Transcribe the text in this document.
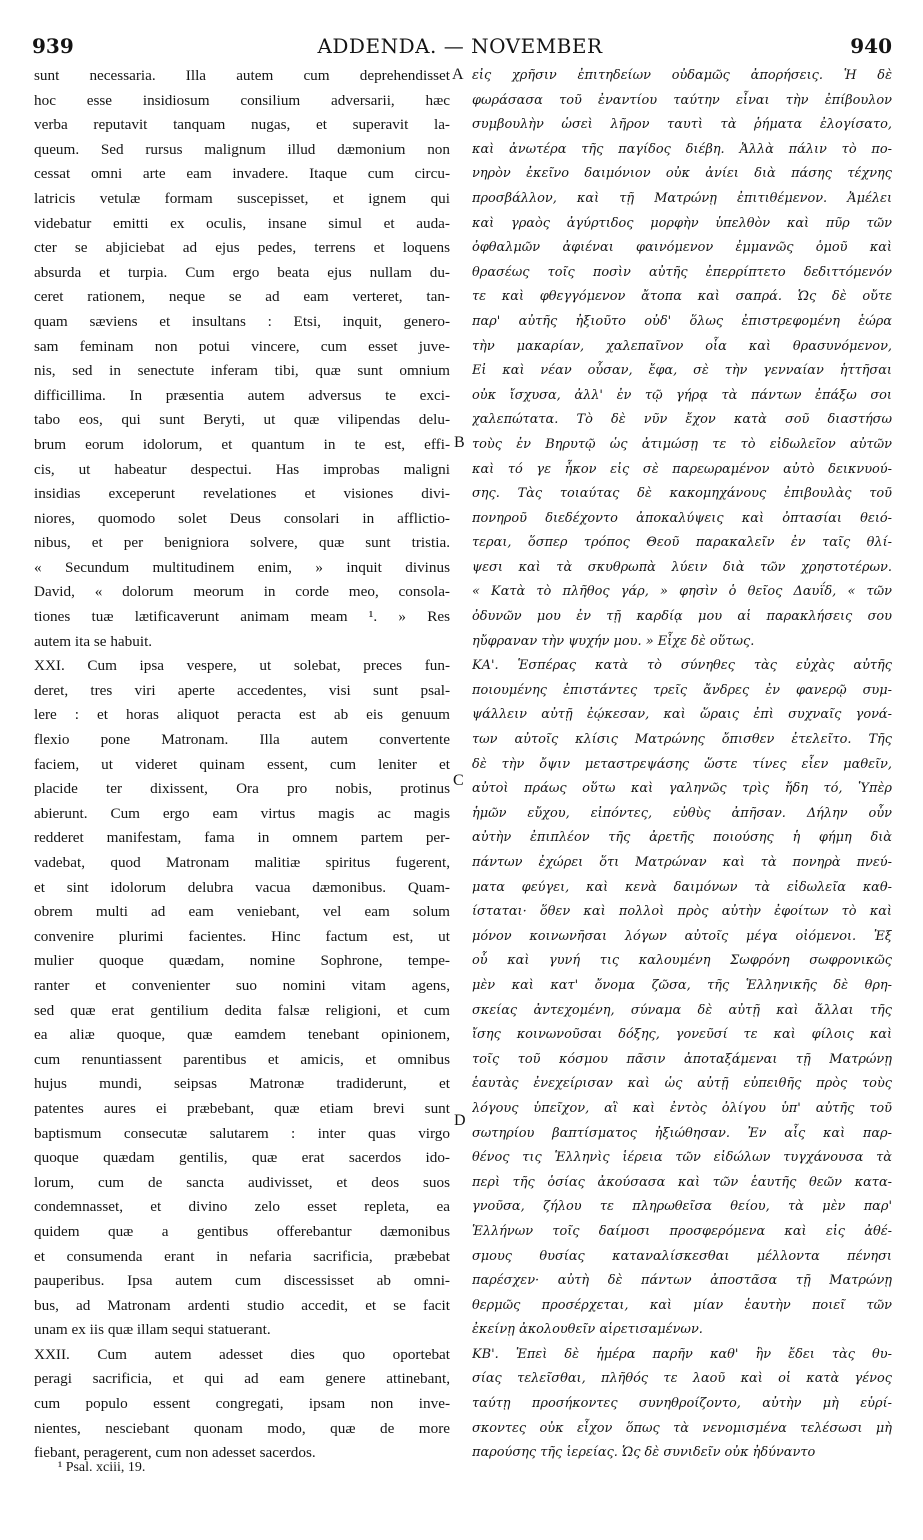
939	ADDENDA. — NOVEMBER	940
sunt necessaria. Illa autem cum deprehendisset
hoc esse insidiosum consilium adversarii, hæc
verba reputavit tanquam nugas, et superavit la-
queum. Sed rursus malignum illud dæmonium non
cessat omni arte eam invadere. Itaque cum circu-
latricis vetulæ formam suscepisset, et ignem qui
videbatur emitti ex oculis, insane simul et auda-
cter se abjiciebat ad ejus pedes, terrens et loquens
absurda et turpia. Cum ergo beata ejus nullam du-
ceret rationem, neque se ad eam verteret, tan-
quam sæviens et insultans : Etsi, inquit, genero-
sam feminam non potui vincere, cum esset juve-
nis, sed in senectute inferam tibi, quæ sunt omnium
difficillima. In præsentia autem adversus te exci-
tabo eos, qui sunt Beryti, ut quæ vilipendas delu-
brum eorum idolorum, et quantum in te est, effi-
cis, ut habeatur despectui. Has improbas maligni
insidias exceperunt revelationes et visiones divi-
niores, quomodo solet Deus consolari in afflictio-
nibus, et per benigniora solvere, quæ sunt tristia.
« Secundum multitudinem enim, » inquit divinus
David, « dolorum meorum in corde meo, consola-
tiones tuæ lætificaverunt animam meam ¹. » Res
autem ita se habuit.
XXI. Cum ipsa vespere, ut solebat, preces fun-
deret, tres viri aperte accedentes, visi sunt psal-
lere : et horas aliquot peracta est ab eis genuum
flexio pone Matronam. Illa autem convertente
faciem, ut videret quinam essent, cum leniter et
placide ter dixissent, Ora pro nobis, protinus
abierunt. Cum ergo eam virtus magis ac magis
redderet manifestam, fama in omnem partem per-
vadebat, quod Matronam malitiæ spiritus fugerent,
et sint idolorum delubra vacua dæmonibus. Quam-
obrem multi ad eam veniebant, vel eam solum
convenire plurimi facientes. Hinc factum est, ut
mulier quoque quædam, nomine Sophrone, tempe-
ranter et convenienter suo nomini vitam agens,
sed quæ erat gentilium dedita falsæ religioni, et cum
ea aliæ quoque, quæ eamdem tenebant opinionem,
cum renuntiassent parentibus et amicis, et omnibus
hujus mundi, seipsas Matronæ tradiderunt, et
patentes aures ei præbebant, quæ etiam brevi sunt
baptismum consecutæ salutarem : inter quas virgo
quoque quædam gentilis, quæ erat sacerdos ido-
lorum, cum de sancta audivisset, et deos suos
condemnasset, et divino zelo esset repleta, ea
quidem quæ a gentibus offerebantur dæmonibus
et consumenda erant in nefaria sacrificia, præbebat
pauperibus. Ipsa autem cum discessisset ab omni-
bus, ad Matronam ardenti studio accedit, et se facit
unam ex iis quæ illam sequi statuerant.
XXII. Cum autem adesset dies quo oportebat
peragi sacrificia, et qui ad eam genere attinebant,
cum populo essent congregati, ipsam non inve-
nientes, nesciebant quonam modo, quæ de more
fiebant, peragerent, cum non adesset sacerdos.
εἰς χρῆσιν ἐπιτηδείων οὐδαμῶς ἀπορήσεις. Ἡ δὲ
φωράσασα τοῦ ἐναντίου ταύτην εἶναι τὴν ἐπίβουλον
συμβουλὴν ὡσεὶ λῆρον ταυτὶ τὰ ῥήματα ἐλογίσατο,
καὶ ἀνωτέρα τῆς παγίδος διέβη. Ἀλλὰ πάλιν τὸ πο-
νηρὸν ἐκεῖνο δαιμόνιον οὐκ ἀνίει διὰ πάσης τέχνης
προσβάλλον, καὶ τῇ Ματρώνῃ ἐπιτιθέμενον. Ἀμέλει
καὶ γραὸς ἀγύρτιδος μορφὴν ὑπελθὸν καὶ πῦρ τῶν
ὀφθαλμῶν ἀφιέναι φαινόμενον ἐμμανῶς ὁμοῦ καὶ
θρασέως τοῖς ποσὶν αὐτῆς ἐπερρίπτετο δεδιττόμενόν
τε καὶ φθεγγόμενον ἄτοπα καὶ σαπρά. Ὡς δὲ οὔτε
παρ' αὐτῆς ἠξιοῦτο οὐδ' ὅλως ἐπιστρεφομένη ἑώρα
τὴν μακαρίαν, χαλεπαῖνον οἷα καὶ θρασυνόμενον,
Εἰ καὶ νέαν οὖσαν, ἔφα, σὲ τὴν γενναίαν ἡττῆσαι
οὐκ ἴσχυσα, ἀλλ' ἐν τῷ γήρᾳ τὰ πάντων ἐπάξω σοι
χαλεπώτατα. Τὸ δὲ νῦν ἔχον κατὰ σοῦ διαστήσω
τοὺς ἐν Βηρυτῷ ὡς ἀτιμώσῃ τε τὸ εἰδωλεῖον αὐτῶν
καὶ τό γε ἧκον εἰς σὲ παρεωραμένον αὐτὸ δεικνυού-
σης. Τὰς τοιαύτας δὲ κακομηχάνους ἐπιβουλὰς τοῦ
πονηροῦ διεδέχοντο ἀποκαλύψεις καὶ ὀπτασίαι θειό-
τεραι, ὅσπερ τρόπος Θεοῦ παρακαλεῖν ἐν ταῖς θλί-
ψεσι καὶ τὰ σκυθρωπὰ λύειν διὰ τῶν χρηστοτέρων.
« Κατὰ τὸ πλῆθος γάρ, » φησὶν ὁ θεῖος Δαυΐδ, « τῶν
ὀδυνῶν μου ἐν τῇ καρδίᾳ μου αἱ παρακλήσεις σου
ηὔφραναν τὴν ψυχήν μου. » Εἶχε δὲ οὕτως.
ΚΑ'. Ἑσπέρας κατὰ τὸ σύνηθες τὰς εὐχὰς αὐτῆς
ποιουμένης ἐπιστάντες τρεῖς ἄνδρες ἐν φανερῷ συμ-
ψάλλειν αὐτῇ ἐῴκεσαν, καὶ ὥραις ἐπὶ συχναῖς γονά-
των αὐτοῖς κλίσις Ματρώνης ὄπισθεν ἐτελεῖτο. Τῆς
δὲ τὴν ὄψιν μεταστρεψάσης ὥστε τίνες εἶεν μαθεῖν,
αὐτοὶ πράως οὕτω καὶ γαληνῶς τρὶς ἤδη τό, Ὑπὲρ
ἡμῶν εὔχου, εἰπόντες, εὐθὺς ἀπῆσαν. Δήλην οὖν
αὐτὴν ἐπιπλέον τῆς ἀρετῆς ποιούσης ἡ φήμη διὰ
πάντων ἐχώρει ὅτι Ματρώναν καὶ τὰ πονηρὰ πνεύ-
ματα φεύγει, καὶ κενὰ δαιμόνων τὰ εἰδωλεῖα καθ-
ίσταται· ὅθεν καὶ πολλοὶ πρὸς αὐτὴν ἐφοίτων τὸ καὶ
μόνον κοινωνῆσαι λόγων αὐτοῖς μέγα οἰόμενοι. Ἐξ
οὗ καὶ γυνή τις καλουμένη Σωφρόνη σωφρονικῶς
μὲν καὶ κατ' ὄνομα ζῶσα, τῆς Ἑλληνικῆς δὲ θρη-
σκείας ἀντεχομένη, σύναμα δὲ αὐτῇ καὶ ἄλλαι τῆς
ἴσης κοινωνοῦσαι δόξης, γονεῦσί τε καὶ φίλοις καὶ
τοῖς τοῦ κόσμου πᾶσιν ἀποταξάμεναι τῇ Ματρώνῃ
ἑαυτὰς ἐνεχείρισαν καὶ ὡς αὐτῇ εὐπειθῆς πρὸς τοὺς
λόγους ὑπεῖχον, αἳ καὶ ἐντὸς ὀλίγου ὑπ' αὐτῆς τοῦ
σωτηρίου βαπτίσματος ἠξιώθησαν. Ἐν αἷς καὶ παρ-
θένος τις Ἑλληνὶς ἱέρεια τῶν εἰδώλων τυγχάνουσα τὰ
περὶ τῆς ὁσίας ἀκούσασα καὶ τῶν ἑαυτῆς θεῶν κατα-
γνοῦσα, ζήλου τε πληρωθεῖσα θείου, τὰ μὲν παρ'
Ἑλλήνων τοῖς δαίμοσι προσφερόμενα καὶ εἰς ἀθέ-
σμους θυσίας καταναλίσκεσθαι μέλλοντα πένησι
παρέσχεν· αὐτὴ δὲ πάντων ἀποστᾶσα τῇ Ματρώνῃ
θερμῶς προσέρχεται, καὶ μίαν ἑαυτὴν ποιεῖ τῶν
ἐκείνῃ ἀκολουθεῖν αἱρετισαμένων.
ΚΒ'. Ἐπεὶ δὲ ἡμέρα παρῆν καθ' ἣν ἔδει τὰς θυ-
σίας τελεῖσθαι, πλῆθός τε λαοῦ καὶ οἱ κατὰ γένος
ταύτῃ προσήκοντες συνηθροίζοντο, αὐτὴν μὴ εὑρί-
σκοντες οὐκ εἶχον ὅπως τὰ νενομισμένα τελέσωσι μὴ
παρούσης τῆς ἱερείας. Ὡς δὲ συνιδεῖν οὐκ ἠδύναντο
A
B
C
D
¹ Psal. xciii, 19.
